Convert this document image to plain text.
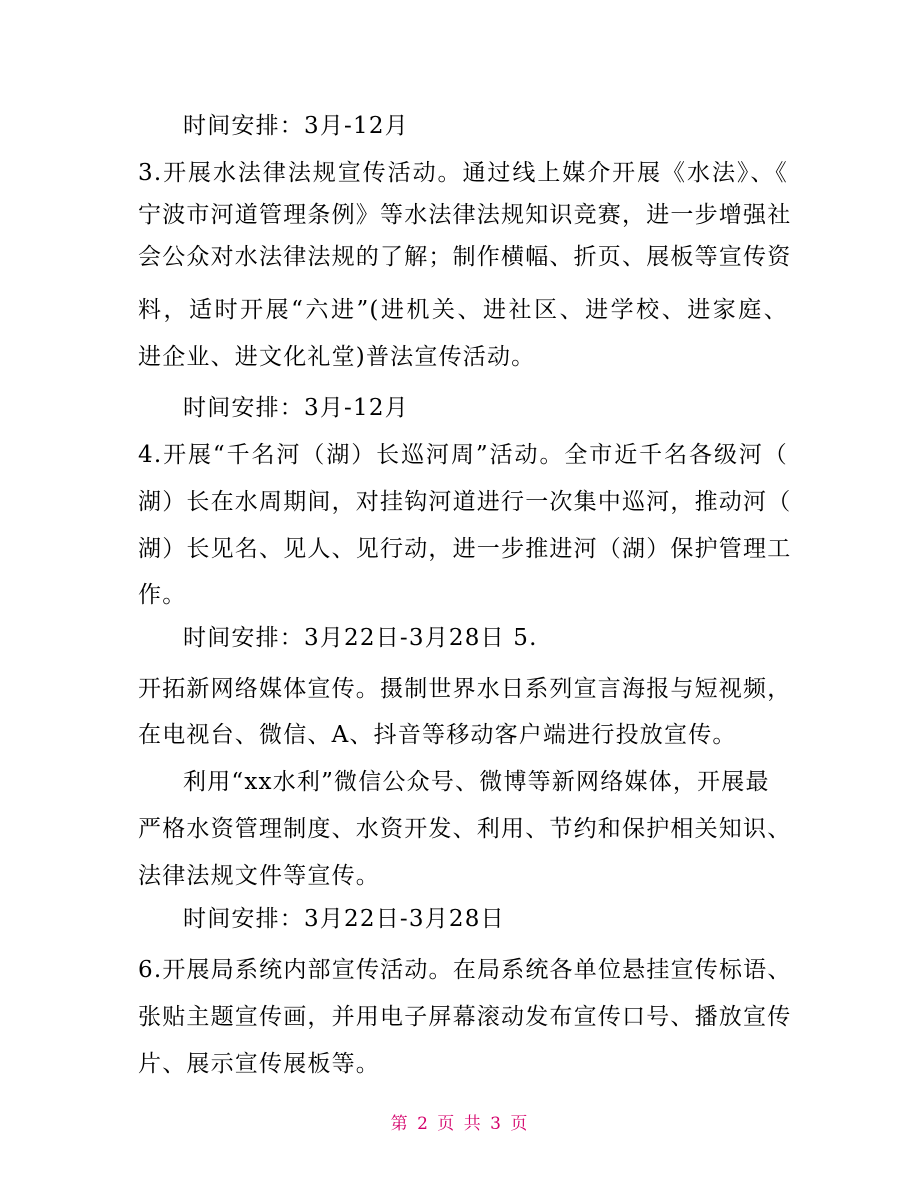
时间安排：3月-12月
3.开展水法律法规宣传活动。通过线上媒介开展《水法》、《
宁波市河道管理条例》等水法律法规知识竞赛，进一步增强社
会公众对水法律法规的了解；制作横幅、折页、展板等宣传资
料，适时开展“六进”(进机关、进社区、进学校、进家庭、
进企业、进文化礼堂)普法宣传活动。
时间安排：3月-12月
4.开展“千名河（湖）长巡河周”活动。全市近千名各级河（
湖）长在水周期间，对挂钩河道进行一次集中巡河，推动河（
湖）长见名、见人、见行动，进一步推进河（湖）保护管理工
作。
时间安排：3月22日-3月28日 5.
开拓新网络媒体宣传。摄制世界水日系列宣言海报与短视频，
在电视台、微信、A、抖音等移动客户端进行投放宣传。
利用“xx水利”微信公众号、微博等新网络媒体，开展最
严格水资管理制度、水资开发、利用、节约和保护相关知识、
法律法规文件等宣传。
时间安排：3月22日-3月28日
6.开展局系统内部宣传活动。在局系统各单位悬挂宣传标语、
张贴主题宣传画，并用电子屏幕滚动发布宣传口号、播放宣传
片、展示宣传展板等。
第 2 页 共 3 页
